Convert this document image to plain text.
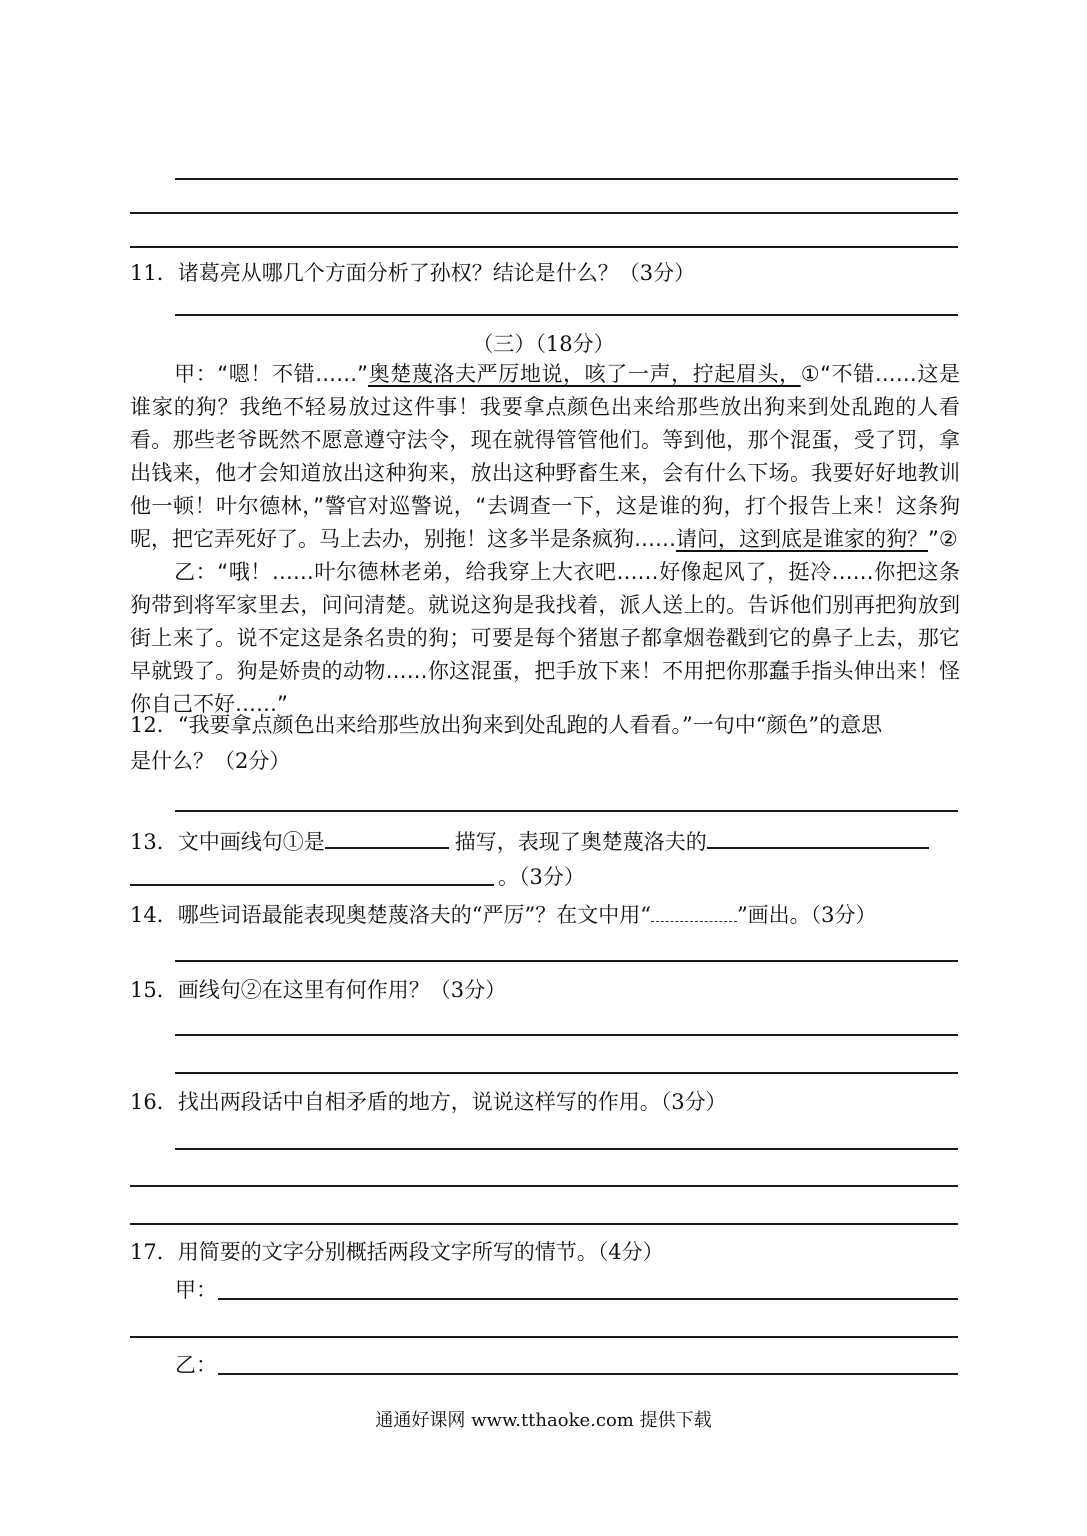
11．诸葛亮从哪几个方面分析了孙权？结论是什么？（3分）
（三）（18分）

甲：“嗯！不错……”奥楚蔑洛夫严厉地说，咳了一声，拧起眉头，①“不错……这是谁家的狗？我绝不轻易放过这件事！我要拿点颜色出来给那些放出狗来到处乱跑的人看看。那些老爷既然不愿意遵守法令，现在就得管管他们。等到他，那个混蛋，受了罚，拿出钱来，他才会知道放出这种狗来，放出这种野畜生来，会有什么下场。我要好好地教训他一顿！叶尔德林，”警官对巡警说，“去调查一下，这是谁的狗，打个报告上来！这条狗呢，把它弄死好了。马上去办，别拖！这多半是条疯狗……请问，这到底是谁家的狗？”②

乙：“哦！……叶尔德林老弟，给我穿上大衣吧……好像起风了，挺冷……你把这条狗带到将军家里去，问问清楚。就说这狗是我找着，派人送上的。告诉他们别再把狗放到街上来了。说不定这是条名贵的狗；可要是每个猪崽子都拿烟卷戳到它的鼻子上去，那它早就毁了。狗是娇贵的动物……你这混蛋，把手放下来！不用把你那蠢手指头伸出来！怪你自己不好……”

12．“我要拿点颜色出来给那些放出狗来到处乱跑的人看看。”一句中“颜色”的意思
是什么？（2分）
13．文中画线句①是	描写，表现了奥楚蔑洛夫的
。（3分）
14．哪些词语最能表现奥楚蔑洛夫的“严厉”？在文中用“	”画出。（3分）
15．画线句②在这里有何作用？（3分）
16．找出两段话中自相矛盾的地方，说说这样写的作用。（3分）
17．用简要的文字分别概括两段文字所写的情节。（4分）
甲：
乙：
通通好课网 www.tthaoke.com 提供下载
